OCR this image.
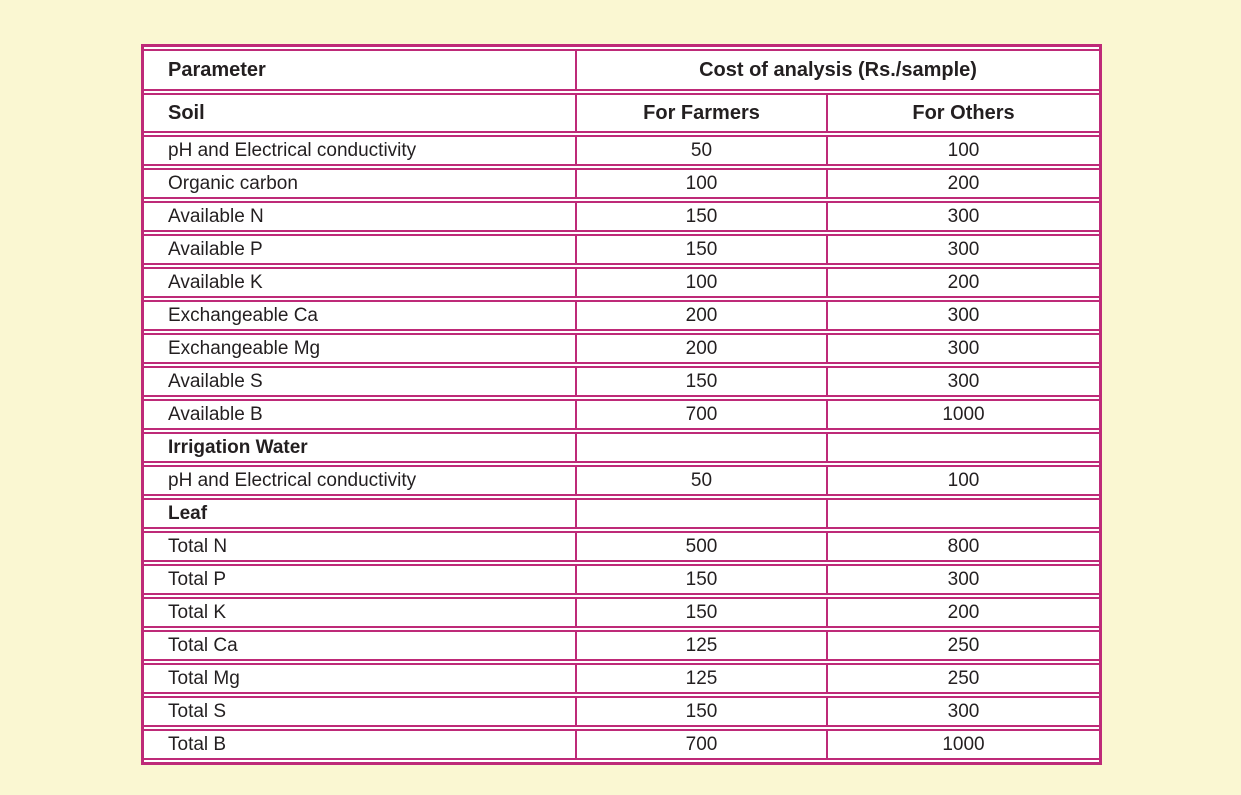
Parameter	Cost of analysis (Rs./sample)	
Soil	For Farmers	For Others
pH and Electrical conductivity	50	100
Organic carbon	100	200
Available N	150	300
Available P	150	300
Available K	100	200
Exchangeable Ca	200	300
Exchangeable Mg	200	300
Available S	150	300
Available B	700	1000
Irrigation Water		
pH and Electrical conductivity	50	100
Leaf		
Total N	500	800
Total P	150	300
Total K	150	200
Total Ca	125	250
Total Mg	125	250
Total S	150	300
Total B	700	1000
